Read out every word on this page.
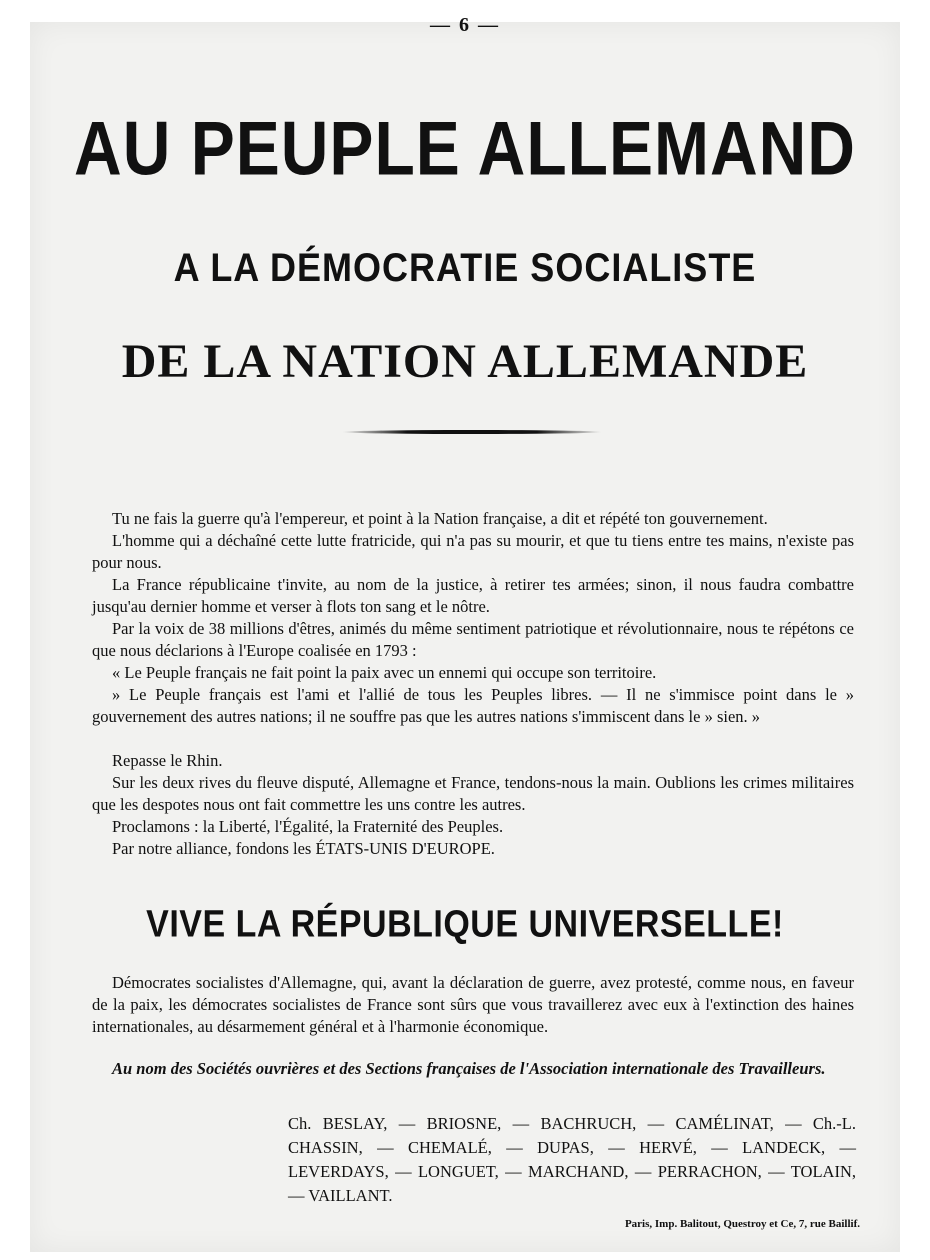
— 6 —
AU PEUPLE ALLEMAND
A LA DÉMOCRATIE SOCIALISTE
DE LA NATION ALLEMANDE

Tu ne fais la guerre qu'à l'empereur, et point à la Nation française, a dit et répété ton gouvernement.

L'homme qui a déchaîné cette lutte fratricide, qui n'a pas su mourir, et que tu tiens entre tes mains, n'existe pas pour nous.

La France républicaine t'invite, au nom de la justice, à retirer tes armées; sinon, il nous faudra combattre jusqu'au dernier homme et verser à flots ton sang et le nôtre.

Par la voix de 38 millions d'êtres, animés du même sentiment patriotique et révolutionnaire, nous te répétons ce que nous déclarions à l'Europe coalisée en 1793 :

« Le Peuple français ne fait point la paix avec un ennemi qui occupe son territoire.

» Le Peuple français est l'ami et l'allié de tous les Peuples libres. — Il ne s'immisce point dans le » gouvernement des autres nations; il ne souffre pas que les autres nations s'immiscent dans le » sien. »

Repasse le Rhin.

Sur les deux rives du fleuve disputé, Allemagne et France, tendons-nous la main. Oublions les crimes militaires que les despotes nous ont fait commettre les uns contre les autres.

Proclamons : la Liberté, l'Égalité, la Fraternité des Peuples.

Par notre alliance, fondons les ÉTATS-UNIS D'EUROPE.

VIVE LA RÉPUBLIQUE UNIVERSELLE!

Démocrates socialistes d'Allemagne, qui, avant la déclaration de guerre, avez protesté, comme nous, en faveur de la paix, les démocrates socialistes de France sont sûrs que vous travaillerez avec eux à l'extinction des haines internationales, au désarmement général et à l'harmonie économique.

Au nom des Sociétés ouvrières et des Sections françaises de l'Association internationale des Travailleurs.
Ch. BESLAY, — BRIOSNE, — BACHRUCH, — CAMÉLINAT, — Ch.-L. CHASSIN, — CHEMALÉ, — DUPAS, — HERVÉ, — LANDECK, — LEVERDAYS, — LONGUET, — MARCHAND, — PERRACHON, — TOLAIN, — VAILLANT.
Paris, Imp. Balitout, Questroy et Ce, 7, rue Baillif.
